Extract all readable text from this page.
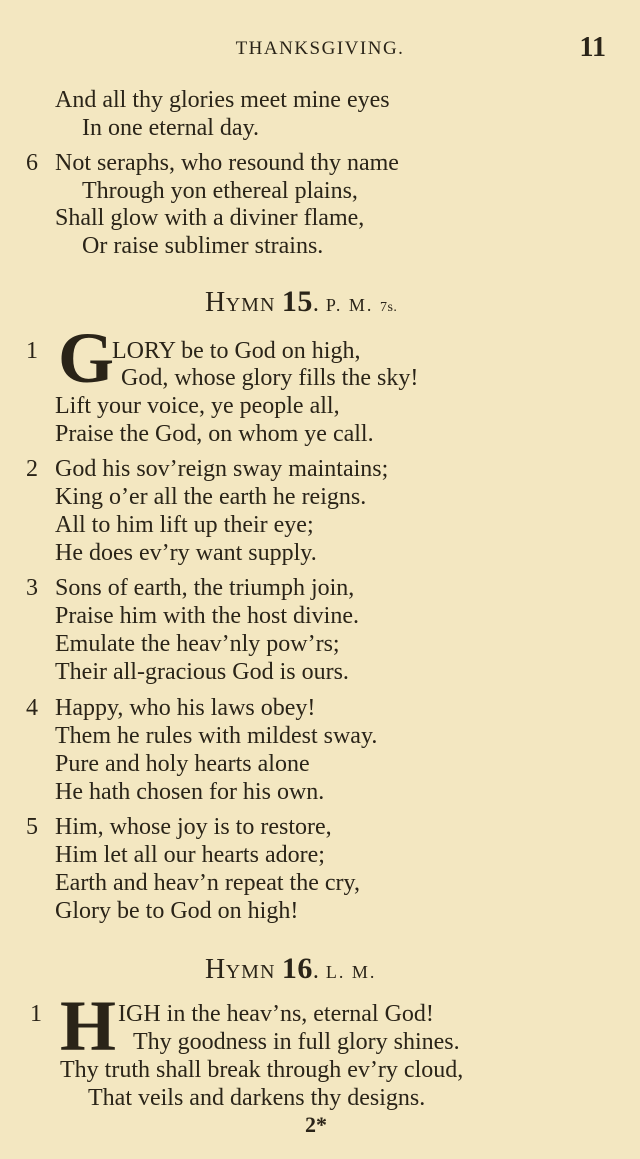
THANKSGIVING.	11
And all thy glories meet mine eyes
In one eternal day.
6 Not seraphs, who resound thy name
Through yon ethereal plains,
Shall glow with a diviner flame,
Or raise sublimer strains.
HYMN 15. P. M. 7s.
1 G
LORY be to God on high,
God, whose glory fills the sky!
Lift your voice, ye people all,
Praise the God, on whom ye call.
2 God his sov’reign sway maintains;
King o’er all the earth he reigns.
All to him lift up their eye;
He does ev’ry want supply.
3 Sons of earth, the triumph join,
Praise him with the host divine.
Emulate the heav’nly pow’rs;
Their all-gracious God is ours.
4 Happy, who his laws obey!
Them he rules with mildest sway.
Pure and holy hearts alone
He hath chosen for his own.
5 Him, whose joy is to restore,
Him let all our hearts adore;
Earth and heav’n repeat the cry,
Glory be to God on high!
HYMN 16. L. M.
1 H IGH in the heav’ns, eternal God!
Thy goodness in full glory shines.
Thy truth shall break through ev’ry cloud,
That veils and darkens thy designs.
2*
